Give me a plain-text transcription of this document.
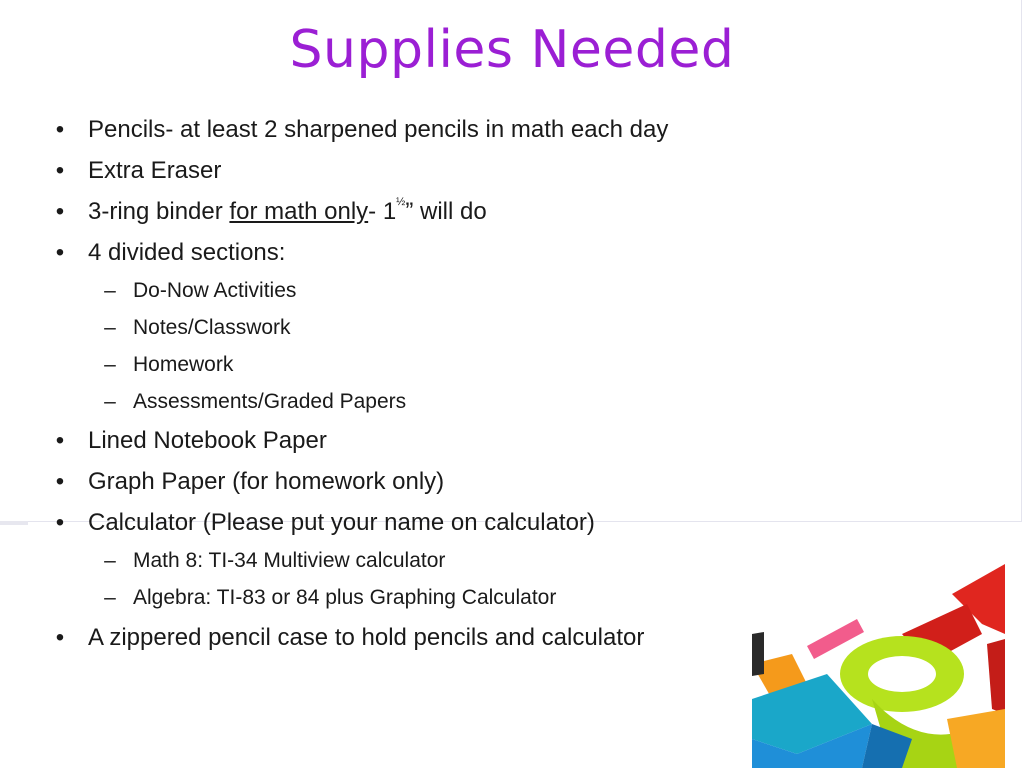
Supplies Needed
• Pencils- at least 2 sharpened pencils in math each day
• Extra Eraser
• 3-ring binder for math only- $1^{\frac{1}{2}}$” will do
• 4 divided sections:
– Do-Now Activities
– Notes/Classwork
– Homework
– Assessments/Graded Papers
• Lined Notebook Paper
• Graph Paper (for homework only)
• Calculator (Please put your name on calculator)
– Math 8: TI-34 Multiview calculator
– Algebra: TI-83 or 84 plus Graphing Calculator
• A zippered pencil case to hold pencils and calculator
